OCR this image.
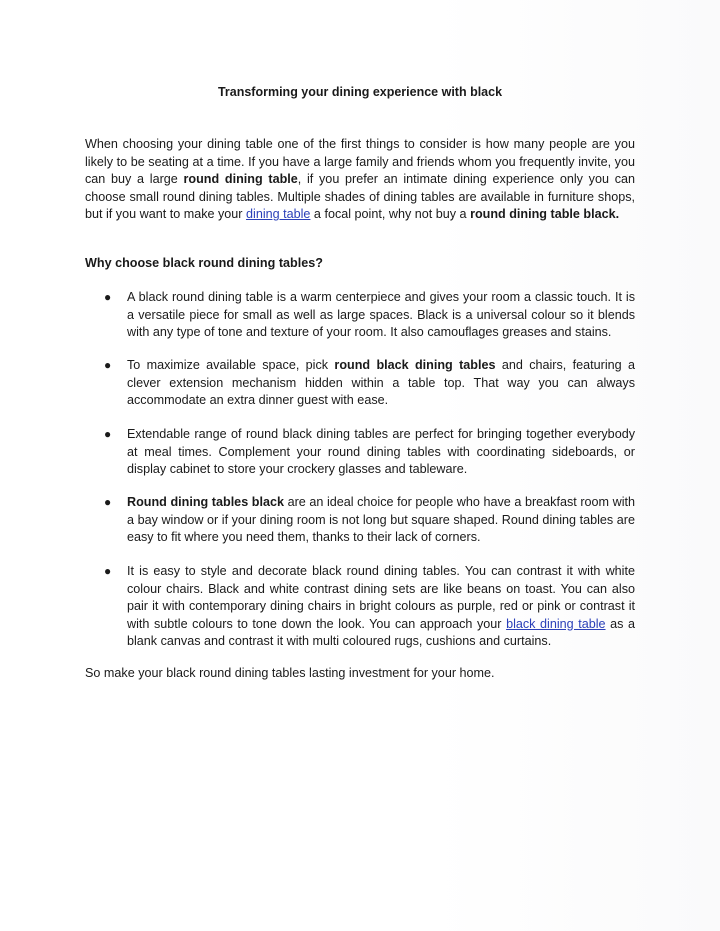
Transforming your dining experience with black

When choosing your dining table one of the first things to consider is how many people are you likely to be seating at a time. If you have a large family and friends whom you frequently invite, you can buy a large round dining table, if you prefer an intimate dining experience only you can choose small round dining tables. Multiple shades of dining tables are available in furniture shops, but if you want to make your dining table a focal point, why not buy a round dining table black.

Why choose black round dining tables?
● A black round dining table is a warm centerpiece and gives your room a classic touch. It is a versatile piece for small as well as large spaces. Black is a universal colour so it blends with any type of tone and texture of your room. It also camouflages greases and stains.

● To maximize available space, pick round black dining tables and chairs, featuring a clever extension mechanism hidden within a table top. That way you can always accommodate an extra dinner guest with ease.

● Extendable range of round black dining tables are perfect for bringing together everybody at meal times. Complement your round dining tables with coordinating sideboards, or display cabinet to store your crockery glasses and tableware.

● Round dining tables black are an ideal choice for people who have a breakfast room with a bay window or if your dining room is not long but square shaped. Round dining tables are easy to fit where you need them, thanks to their lack of corners.

● It is easy to style and decorate black round dining tables. You can contrast it with white colour chairs. Black and white contrast dining sets are like beans on toast. You can also pair it with contemporary dining chairs in bright colours as purple, red or pink or contrast it with subtle colours to tone down the look. You can approach your black dining table as a blank canvas and contrast it with multi coloured rugs, cushions and curtains.

So make your black round dining tables lasting investment for your home.
